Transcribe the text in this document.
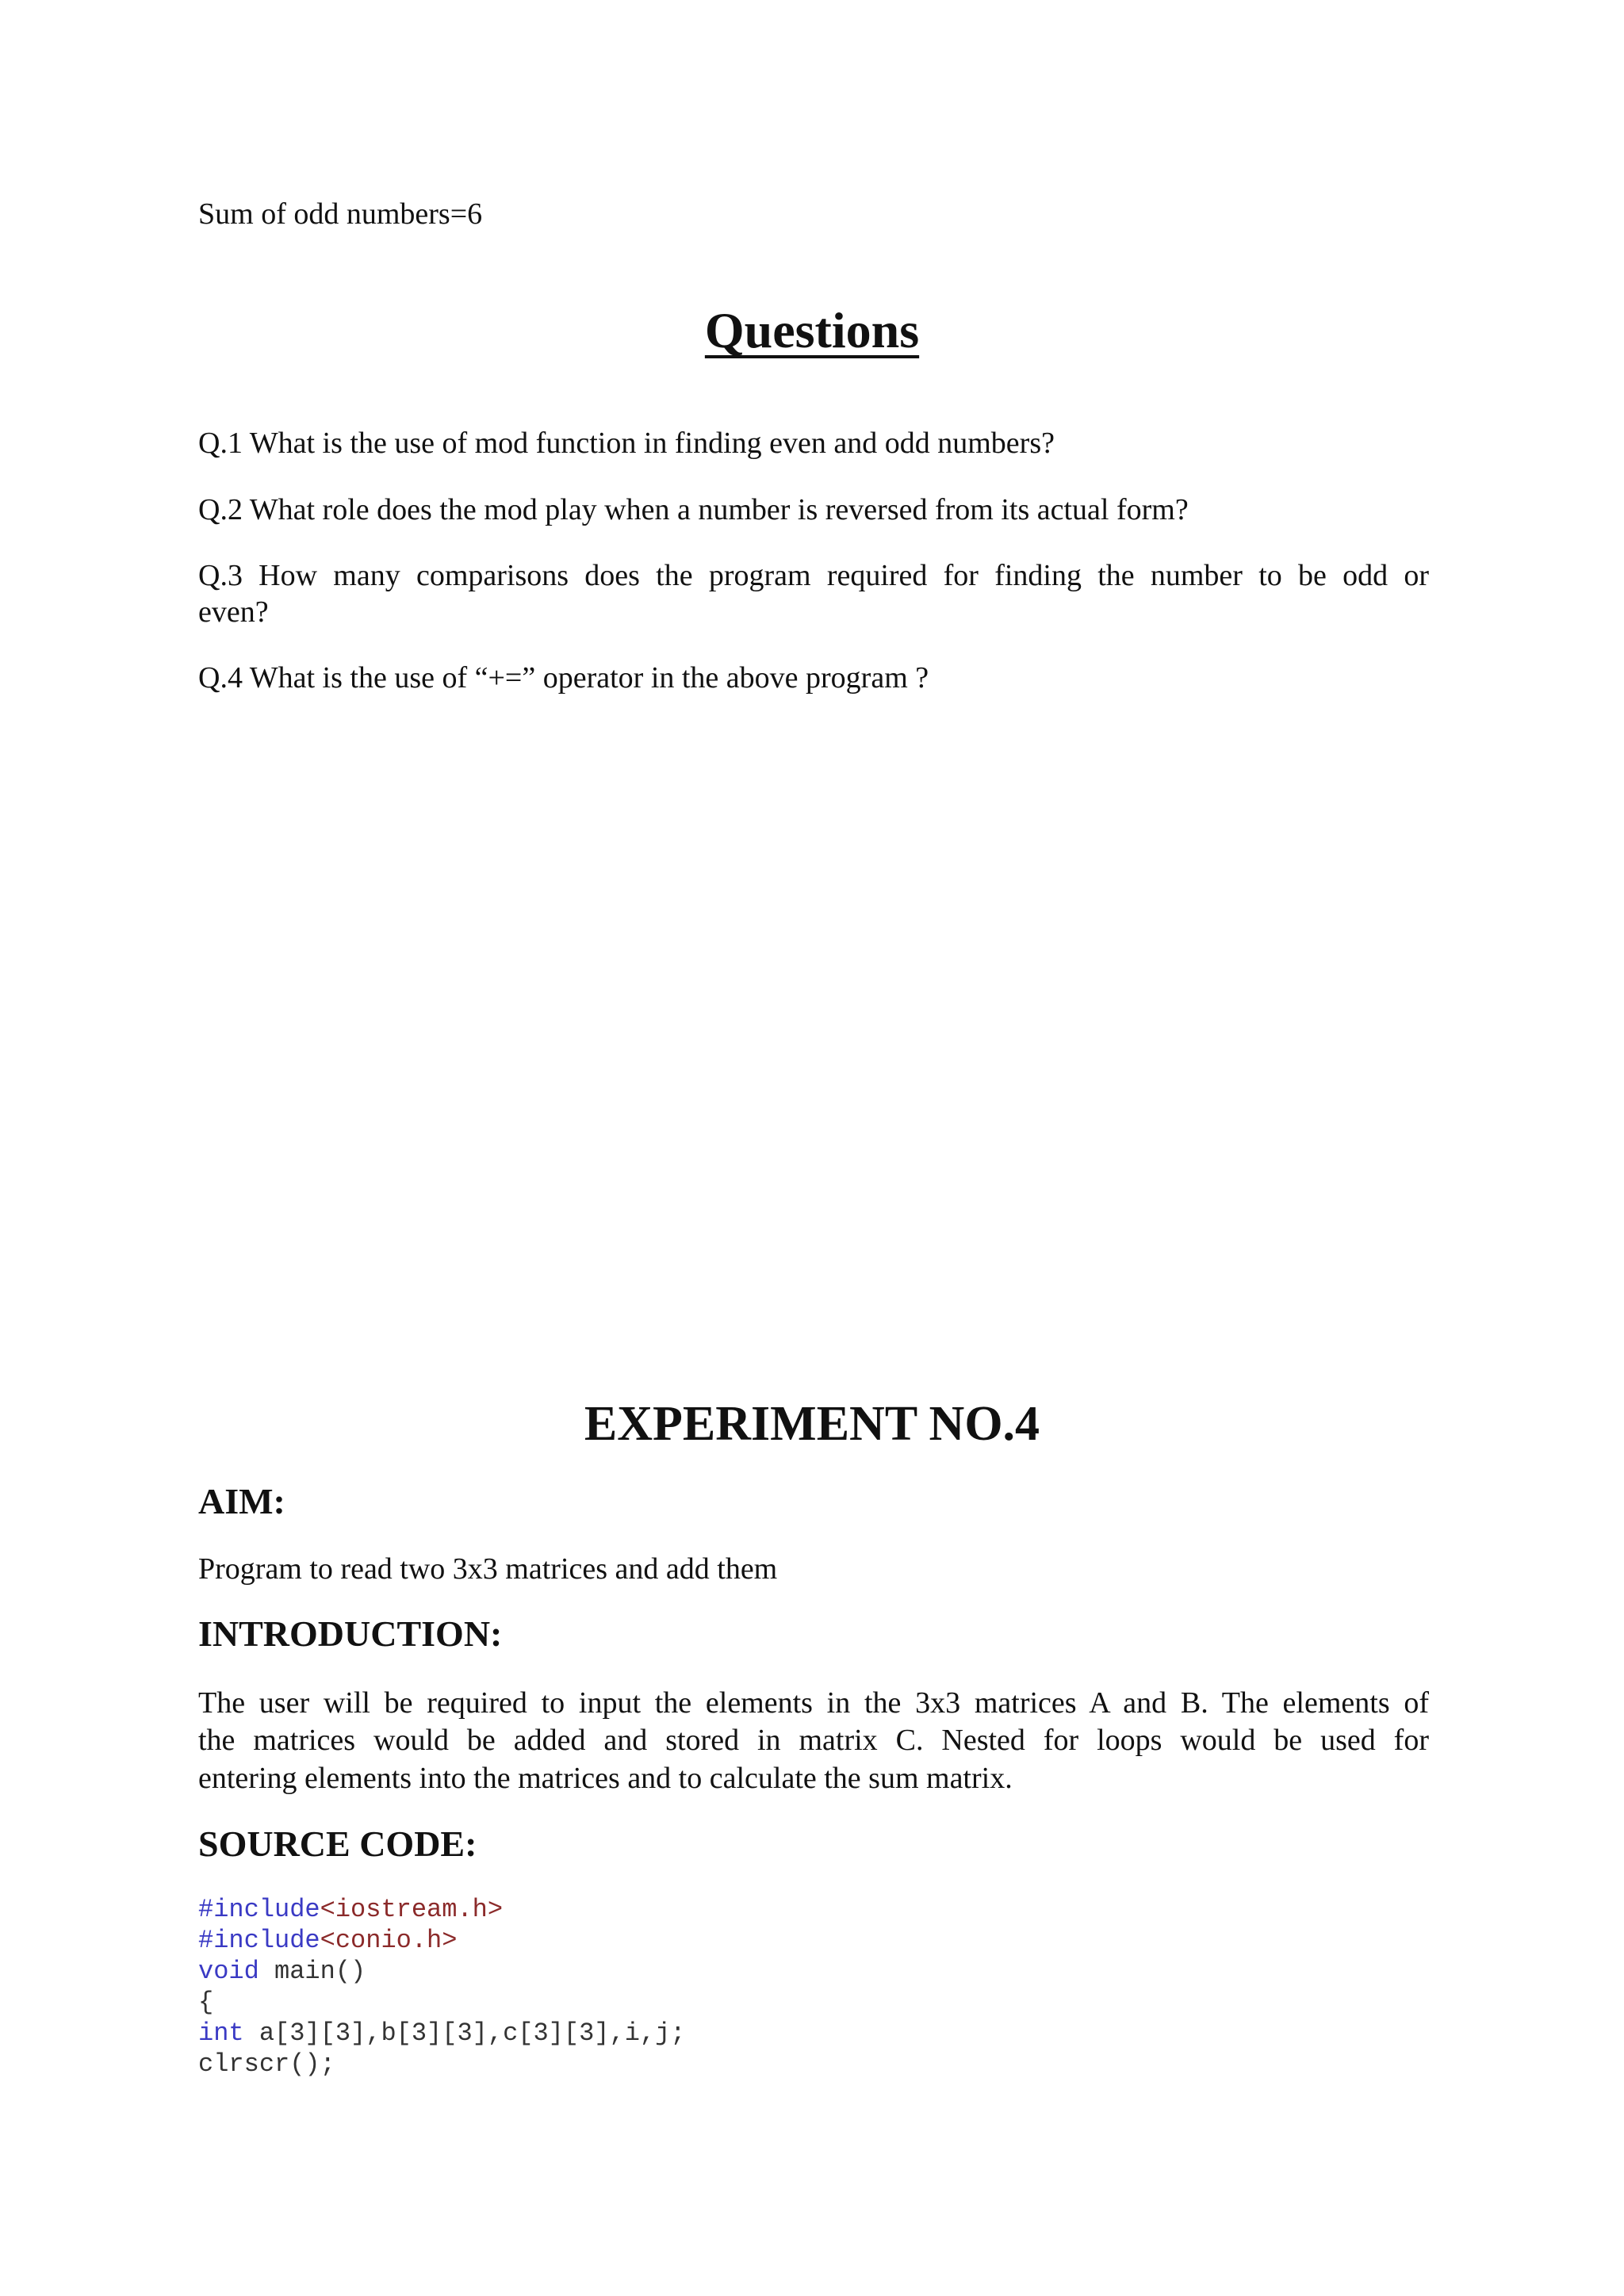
Sum of odd numbers=6
Questions
Q.1 What is the use of mod function in finding even and odd numbers?
Q.2 What role does the mod play when a number is reversed from its actual form?
Q.3 How many comparisons does the program required for finding the number to be odd or
even?
Q.4 What is the use of “+=” operator in the above program ?
EXPERIMENT NO.4
AIM:
Program to read two 3x3 matrices and add them
INTRODUCTION:
The user will be required to input the elements in the 3x3 matrices A and B. The elements of
the matrices would be added and stored in matrix C. Nested for loops would be used for
entering elements into the matrices and to calculate the sum matrix.
SOURCE CODE:
#include<iostream.h>
#include<conio.h>
void main()
{
int a[3][3],b[3][3],c[3][3],i,j;
clrscr();
